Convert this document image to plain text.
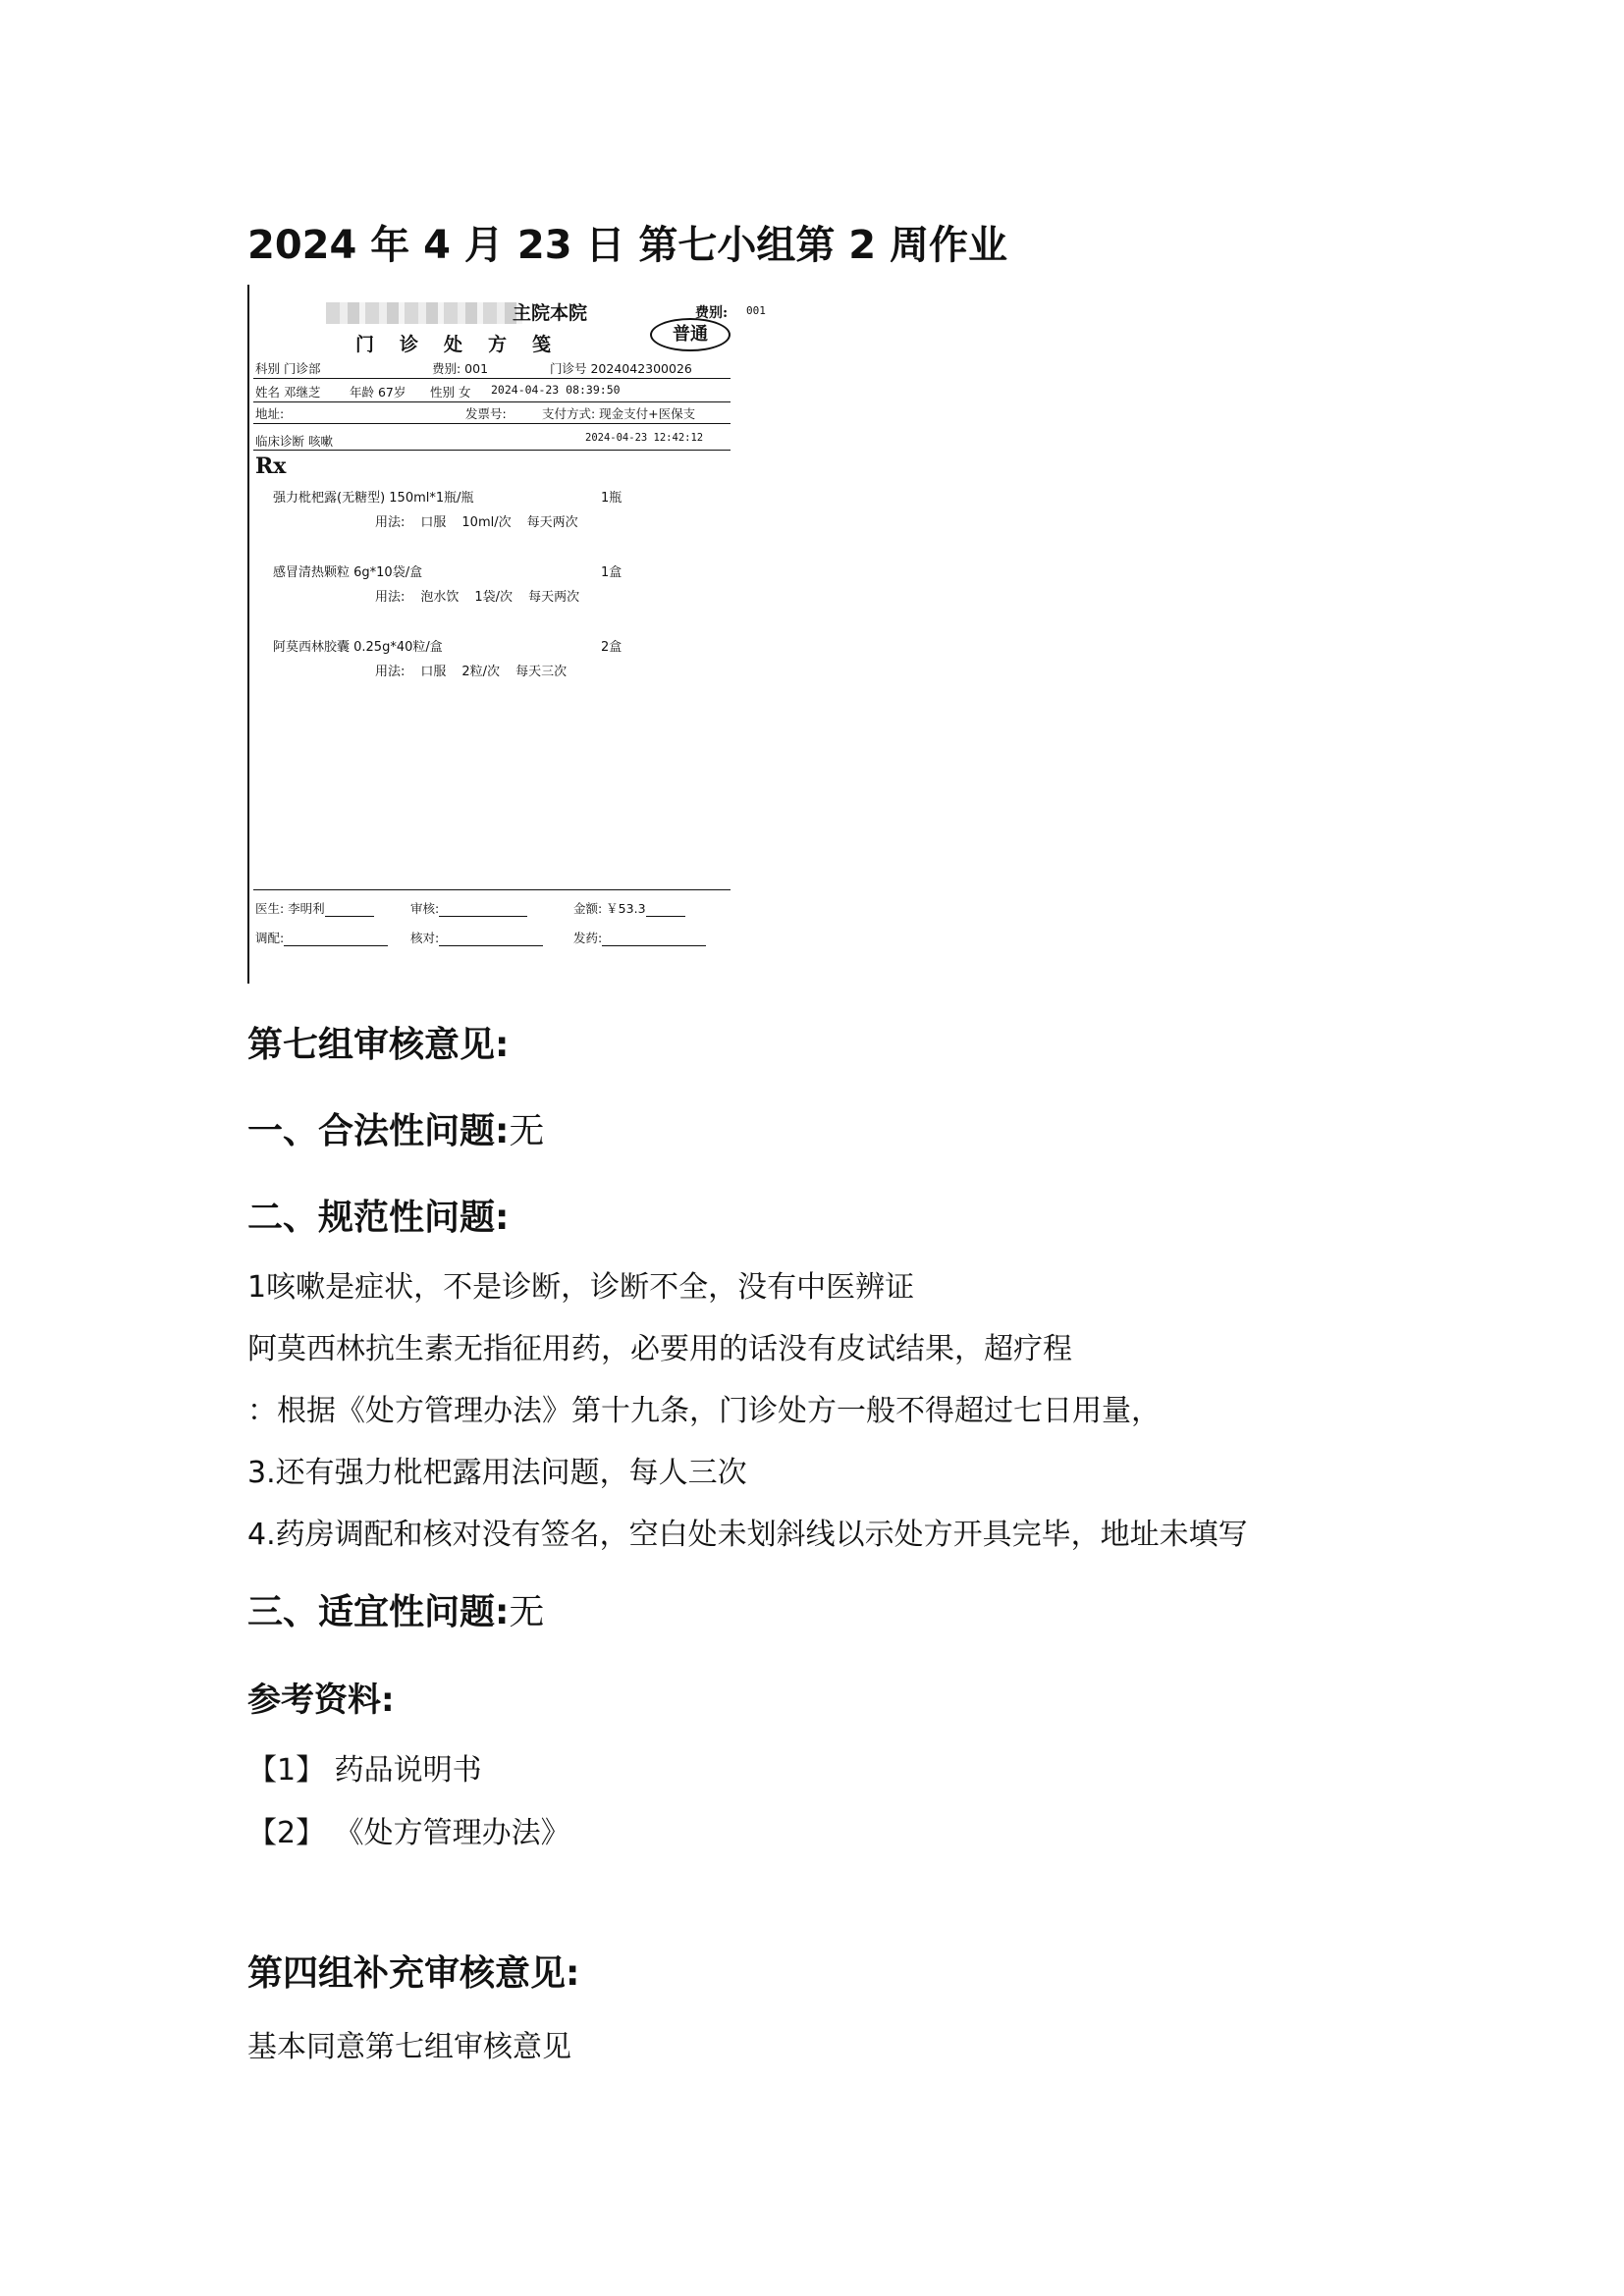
2024 年 4 月 23 日 第七小组第 2 周作业
主院本院	费别: 001
门诊处方笺	普通
科别 门诊部	费别: 001	门诊号 2024042300026
姓名 邓继芝 年龄 67岁 性别 女 2024-04-23 08:39:50
地址:	发票号:	支付方式: 现金支付+医保支
临床诊断 咳嗽	2024-04-23 12:42:12
Rx
强力枇杷露(无糖型) 150ml*1瓶/瓶	1瓶
用法: 口服 10ml/次 每天两次
感冒清热颗粒 6g*10袋/盒	1盒
用法: 泡水饮 1袋/次 每天两次
阿莫西林胶囊 0.25g*40粒/盒	2盒
用法: 口服 2粒/次 每天三次
医生: 李明利	审核:	金额: ￥53.3
调配:	核对:	发药:
第七组审核意见:
一、合法性问题:无
二、规范性问题:
1咳嗽是症状，不是诊断，诊断不全，没有中医辨证
阿莫西林抗生素无指征用药，必要用的话没有皮试结果，超疗程
：根据《处方管理办法》第十九条，门诊处方一般不得超过七日用量，
3.还有强力枇杷露用法问题，每人三次
4.药房调配和核对没有签名，空白处未划斜线以示处方开具完毕，地址未填写
三、适宜性问题:无
参考资料:
【1】 药品说明书
【2】 《处方管理办法》
第四组补充审核意见:
基本同意第七组审核意见
